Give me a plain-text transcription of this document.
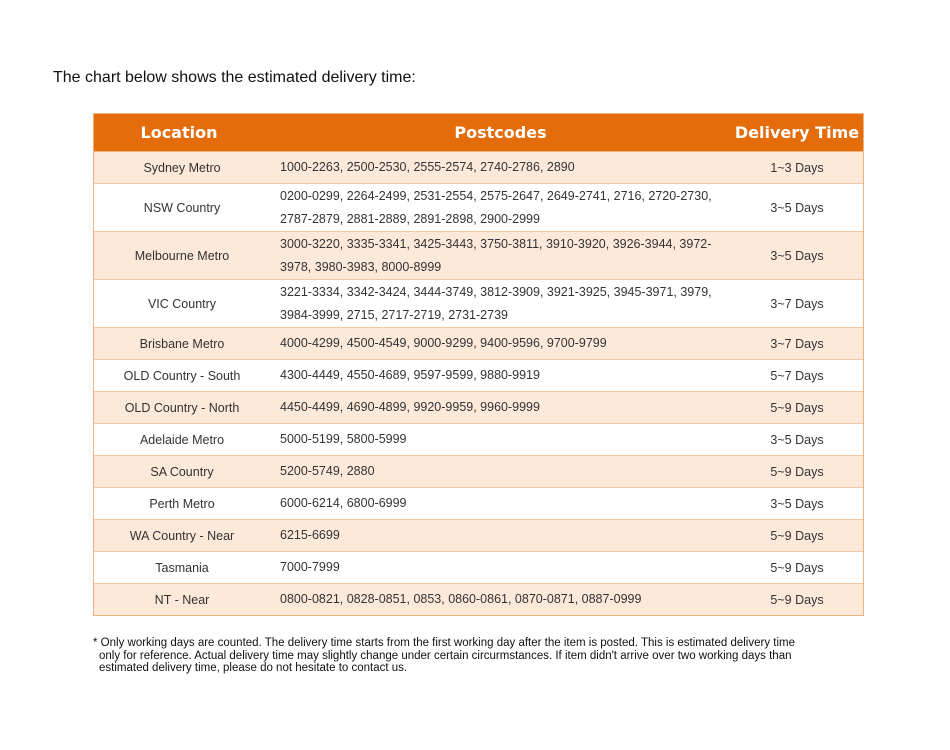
The chart below shows the estimated delivery time:
Location	Postcodes	Delivery Time
Sydney Metro	1000-2263, 2500-2530, 2555-2574, 2740-2786, 2890	1~3 Days
NSW Country	0200-0299, 2264-2499, 2531-2554, 2575-2647, 2649-2741, 2716, 2720-2730, 2787-2879, 2881-2889, 2891-2898, 2900-2999	3~5 Days
Melbourne Metro	3000-3220, 3335-3341, 3425-3443, 3750-3811, 3910-3920, 3926-3944, 3972-3978, 3980-3983, 8000-8999	3~5 Days
VIC Country	3221-3334, 3342-3424, 3444-3749, 3812-3909, 3921-3925, 3945-3971, 3979, 3984-3999, 2715, 2717-2719, 2731-2739	3~7 Days
Brisbane Metro	4000-4299, 4500-4549, 9000-9299, 9400-9596, 9700-9799	3~7 Days
OLD Country - South	4300-4449, 4550-4689, 9597-9599, 9880-9919	5~7 Days
OLD Country - North	4450-4499, 4690-4899, 9920-9959, 9960-9999	5~9 Days
Adelaide Metro	5000-5199, 5800-5999	3~5 Days
SA Country	5200-5749, 2880	5~9 Days
Perth Metro	6000-6214, 6800-6999	3~5 Days
WA Country - Near	6215-6699	5~9 Days
Tasmania	7000-7999	5~9 Days
NT - Near	0800-0821, 0828-0851, 0853, 0860-0861, 0870-0871, 0887-0999	5~9 Days
* Only working days are counted. The delivery time starts from the first working day after the item is posted. This is estimated delivery time
only for reference. Actual delivery time may slightly change under certain circurmstances. If item didn't arrive over two working days than
estimated delivery time, please do not hesitate to contact us.
